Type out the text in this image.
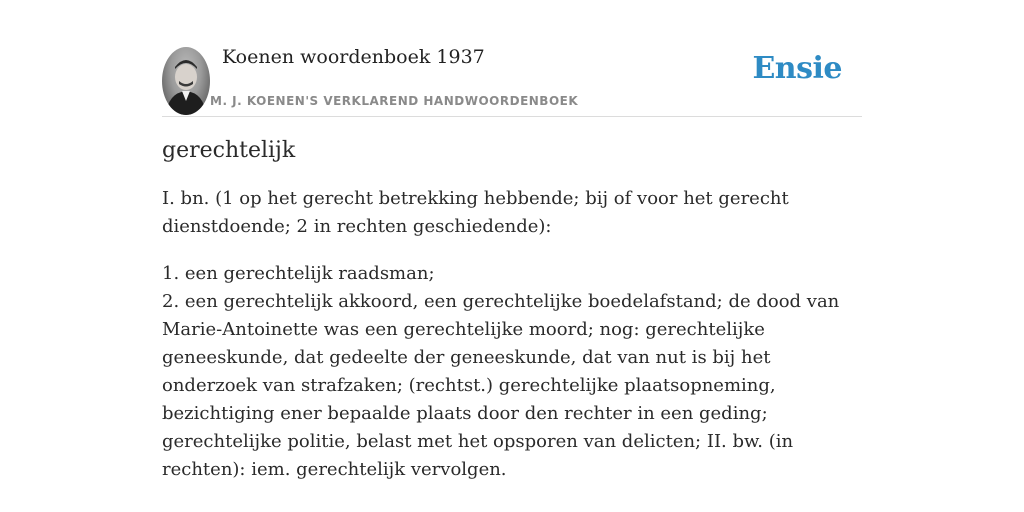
Koenen woordenboek 1937
M. J. KOENEN'S VERKLAREND HANDWOORDENBOEK
Ensie
gerechtelijk

I. bn. (1 op het gerecht betrekking hebbende; bij of voor het gerecht dienstdoende; 2 in rechten geschiedende):

1. een gerechtelijk raadsman;
2. een gerechtelijk akkoord, een gerechtelijke boedelafstand; de dood van Marie-Antoinette was een gerechtelijke moord; nog: gerechtelijke geneeskunde, dat gedeelte der geneeskunde, dat van nut is bij het onderzoek van strafzaken; (rechtst.) gerechtelijke plaatsopneming, bezichtiging ener bepaalde plaats door den rechter in een geding; gerechtelijke politie, belast met het opsporen van delicten; II. bw. (in rechten): iem. gerechtelijk vervolgen.
